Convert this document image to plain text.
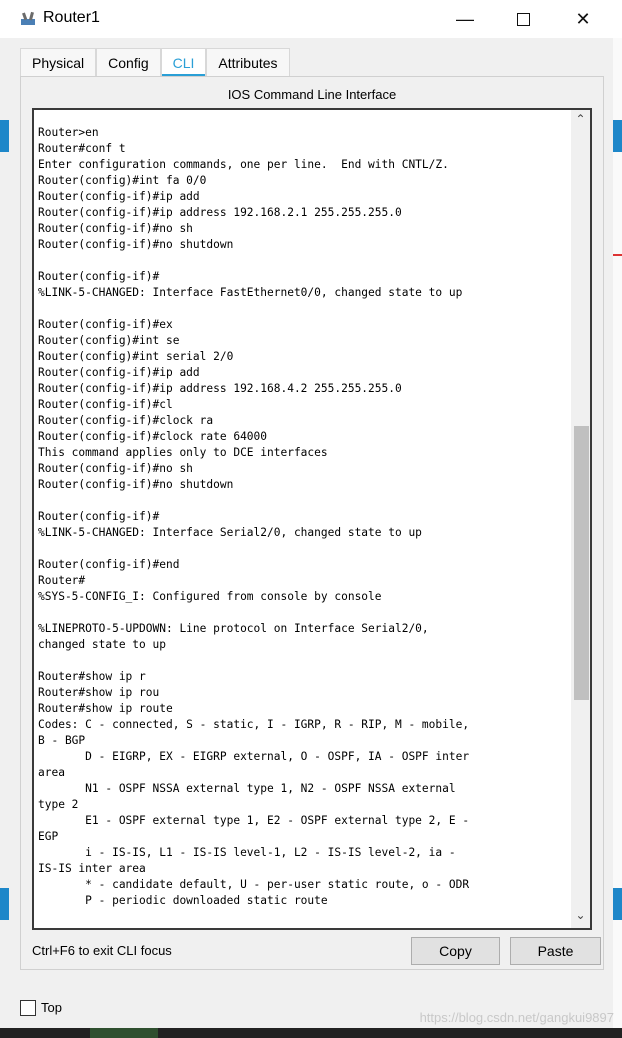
Router1	—	✕
Physical Config CLI Attributes
IOS Command Line Interface
Router>en
Router#conf t
Enter configuration commands, one per line.  End with CNTL/Z.
Router(config)#int fa 0/0
Router(config-if)#ip add
Router(config-if)#ip address 192.168.2.1 255.255.255.0
Router(config-if)#no sh
Router(config-if)#no shutdown

Router(config-if)#
%LINK-5-CHANGED: Interface FastEthernet0/0, changed state to up

Router(config-if)#ex
Router(config)#int se
Router(config)#int serial 2/0
Router(config-if)#ip add
Router(config-if)#ip address 192.168.4.2 255.255.255.0
Router(config-if)#cl
Router(config-if)#clock ra
Router(config-if)#clock rate 64000
This command applies only to DCE interfaces
Router(config-if)#no sh
Router(config-if)#no shutdown

Router(config-if)#
%LINK-5-CHANGED: Interface Serial2/0, changed state to up

Router(config-if)#end
Router#
%SYS-5-CONFIG_I: Configured from console by console

%LINEPROTO-5-UPDOWN: Line protocol on Interface Serial2/0,
changed state to up

Router#show ip r
Router#show ip rou
Router#show ip route
Codes: C - connected, S - static, I - IGRP, R - RIP, M - mobile,
B - BGP
D - EIGRP, EX - EIGRP external, O - OSPF, IA - OSPF inter
area
N1 - OSPF NSSA external type 1, N2 - OSPF NSSA external
type 2
E1 - OSPF external type 1, E2 - OSPF external type 2, E -
EGP
i - IS-IS, L1 - IS-IS level-1, L2 - IS-IS level-2, ia -
IS-IS inter area
* - candidate default, U - per-user static route, o - ODR
P - periodic downloaded static route
⌃
⌄
Ctrl+F6 to exit CLI focus	Copy	Paste
Top
https://blog.csdn.net/gangkui9897
